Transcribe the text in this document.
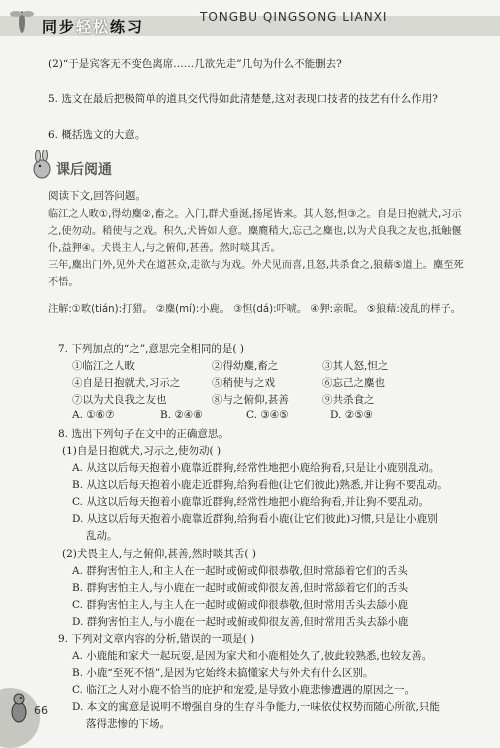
同步轻松练习
TONGBU QINGSONG LIANXI
(2)“于是宾客无不变色离席……几欲先走”几句为什么不能删去?
5. 选文在最后把极简单的道具交代得如此清楚楚,这对表现口技者的技艺有什么作用?
6. 概括选文的大意。
课后阅通
阅读下文,回答问题。
临江之人畋①,得幼麋②,畜之。入门,群犬垂涎,扬尾皆来。其人怒,怛③之。自是日抱就犬,习示之,使勿动。稍使与之戏。积久,犬皆如人意。麋麑稍大,忘己之麋也,以为犬良我之友也,抵触偃仆,益狎④。犬畏主人,与之俯仰,甚善。然时啖其舌。
三年,麋出门外,见外犬在道甚众,走欲与为戏。外犬见而喜,且怒,共杀食之,狼藉⑤道上。麋至死不悟。
注解:①畋(tián):打猎。 ②麋(mí):小鹿。 ③怛(dá):吓唬。 ④狎:亲昵。 ⑤狼藉:凌乱的样子。
7. 下列加点的“之”,意思完全相同的是( )
①临江之人畋	②得幼麋,畜之	③其人怒,怛之
④自是日抱就犬,习示之	⑤稍使与之戏	⑥忘己之麋也
⑦以为犬良我之友也	⑧与之俯仰,甚善	⑨共杀食之
A. ①⑥⑦	B. ②④⑧	C. ③④⑤	D. ②⑤⑨
8. 选出下列句子在文中的正确意思。
(1)自是日抱就犬,习示之,使勿动( )
A. 从这以后每天抱着小鹿靠近群狗,经常性地把小鹿给狗看,只是让小鹿别乱动。
B. 从这以后每天抱着小鹿走近群狗,给狗看他(让它们彼此)熟悉,并让狗不要乱动。
C. 从这以后每天抱着小鹿靠近群狗,经常性地把小鹿给狗看,并让狗不要乱动。
D. 从这以后每天抱着小鹿靠近群狗,给狗看小鹿(让它们彼此)习惯,只是让小鹿别
乱动。
(2)犬畏主人,与之俯仰,甚善,然时啖其舌( )
A. 群狗害怕主人,和主人在一起时或俯或仰很恭敬,但时常舔着它们的舌头
B. 群狗害怕主人,与小鹿在一起时或俯或仰很友善,但时常舔着它们的舌头
C. 群狗害怕主人,与主人在一起时或俯或仰很恭敬,但时常用舌头去舔小鹿
D. 群狗害怕主人,与小鹿在一起时或俯或仰很友善,但时常用舌头去舔小鹿
9. 下列对文章内容的分析,错误的一项是( )
A. 小鹿能和家犬一起玩耍,是因为家犬和小鹿相处久了,彼此较熟悉,也较友善。
B. 小鹿“至死不悟”,是因为它始终未搞懂家犬与外犬有什么区别。
C. 临江之人对小鹿不恰当的庇护和宠爱,是导致小鹿悲惨遭遇的原因之一。
D. 本文的寓意是说明不增强自身的生存斗争能力,一味依仗权势而随心所欲,只能
落得悲惨的下场。
66
